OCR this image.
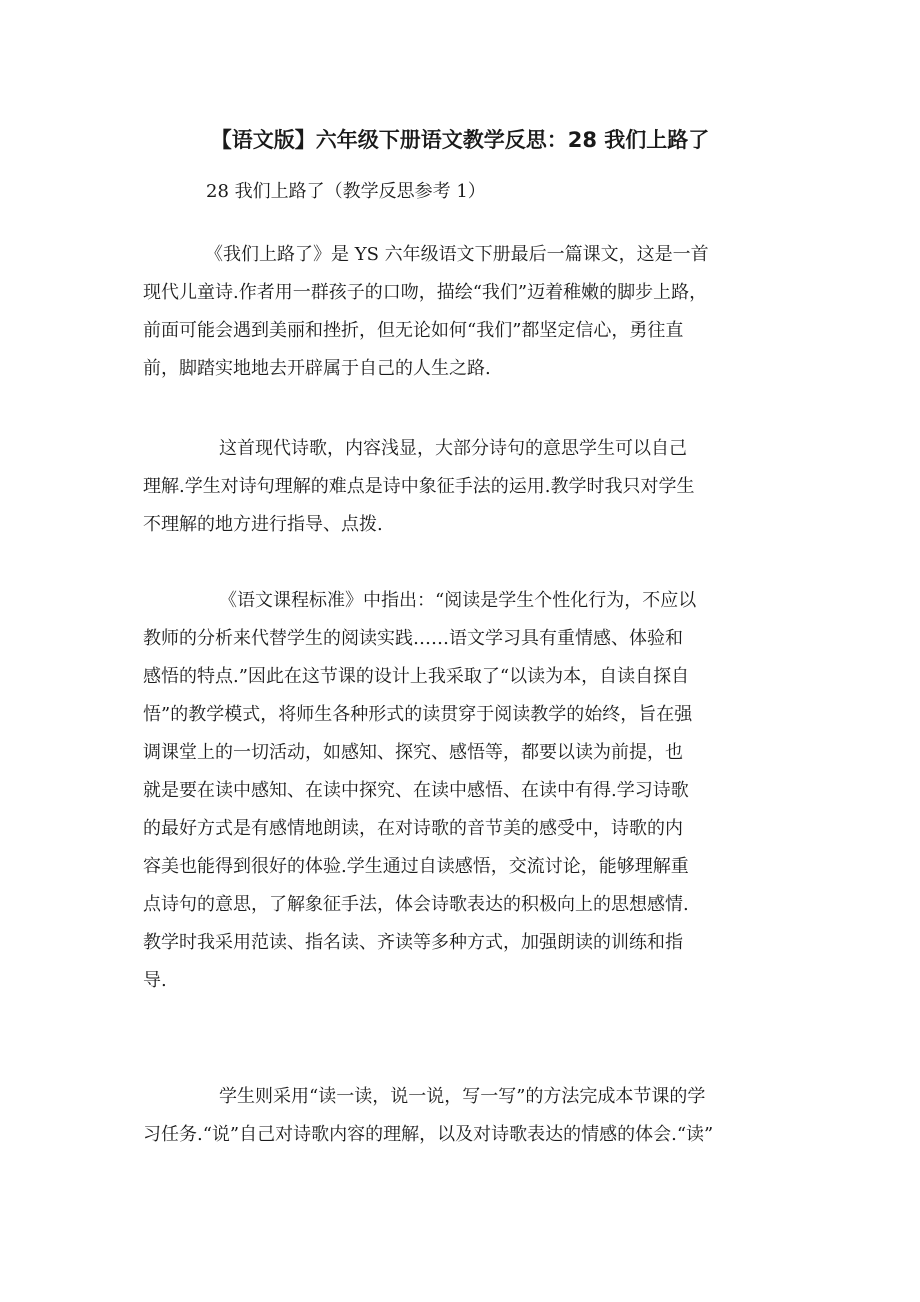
【语文版】六年级下册语文教学反思：28 我们上路了

28 我们上路了（教学反思参考 1）

《我们上路了》是 YS 六年级语文下册最后一篇课文，这是一首
现代儿童诗.作者用一群孩子的口吻，描绘“我们”迈着稚嫩的脚步上路，
前面可能会遇到美丽和挫折，但无论如何“我们”都坚定信心，勇往直
前，脚踏实地地去开辟属于自己的人生之路.
这首现代诗歌，内容浅显，大部分诗句的意思学生可以自己
理解.学生对诗句理解的难点是诗中象征手法的运用.教学时我只对学生
不理解的地方进行指导、点拨.
《语文课程标准》中指出：“阅读是学生个性化行为，不应以
教师的分析来代替学生的阅读实践……语文学习具有重情感、体验和
感悟的特点.”因此在这节课的设计上我采取了“以读为本，自读自探自
悟”的教学模式，将师生各种形式的读贯穿于阅读教学的始终，旨在强
调课堂上的一切活动，如感知、探究、感悟等，都要以读为前提，也
就是要在读中感知、在读中探究、在读中感悟、在读中有得.学习诗歌
的最好方式是有感情地朗读，在对诗歌的音节美的感受中，诗歌的内
容美也能得到很好的体验.学生通过自读感悟，交流讨论，能够理解重
点诗句的意思，了解象征手法，体会诗歌表达的积极向上的思想感情.
教学时我采用范读、指名读、齐读等多种方式，加强朗读的训练和指
导.
学生则采用“读一读，说一说，写一写”的方法完成本节课的学
习任务.“说”自己对诗歌内容的理解，以及对诗歌表达的情感的体会.“读”
